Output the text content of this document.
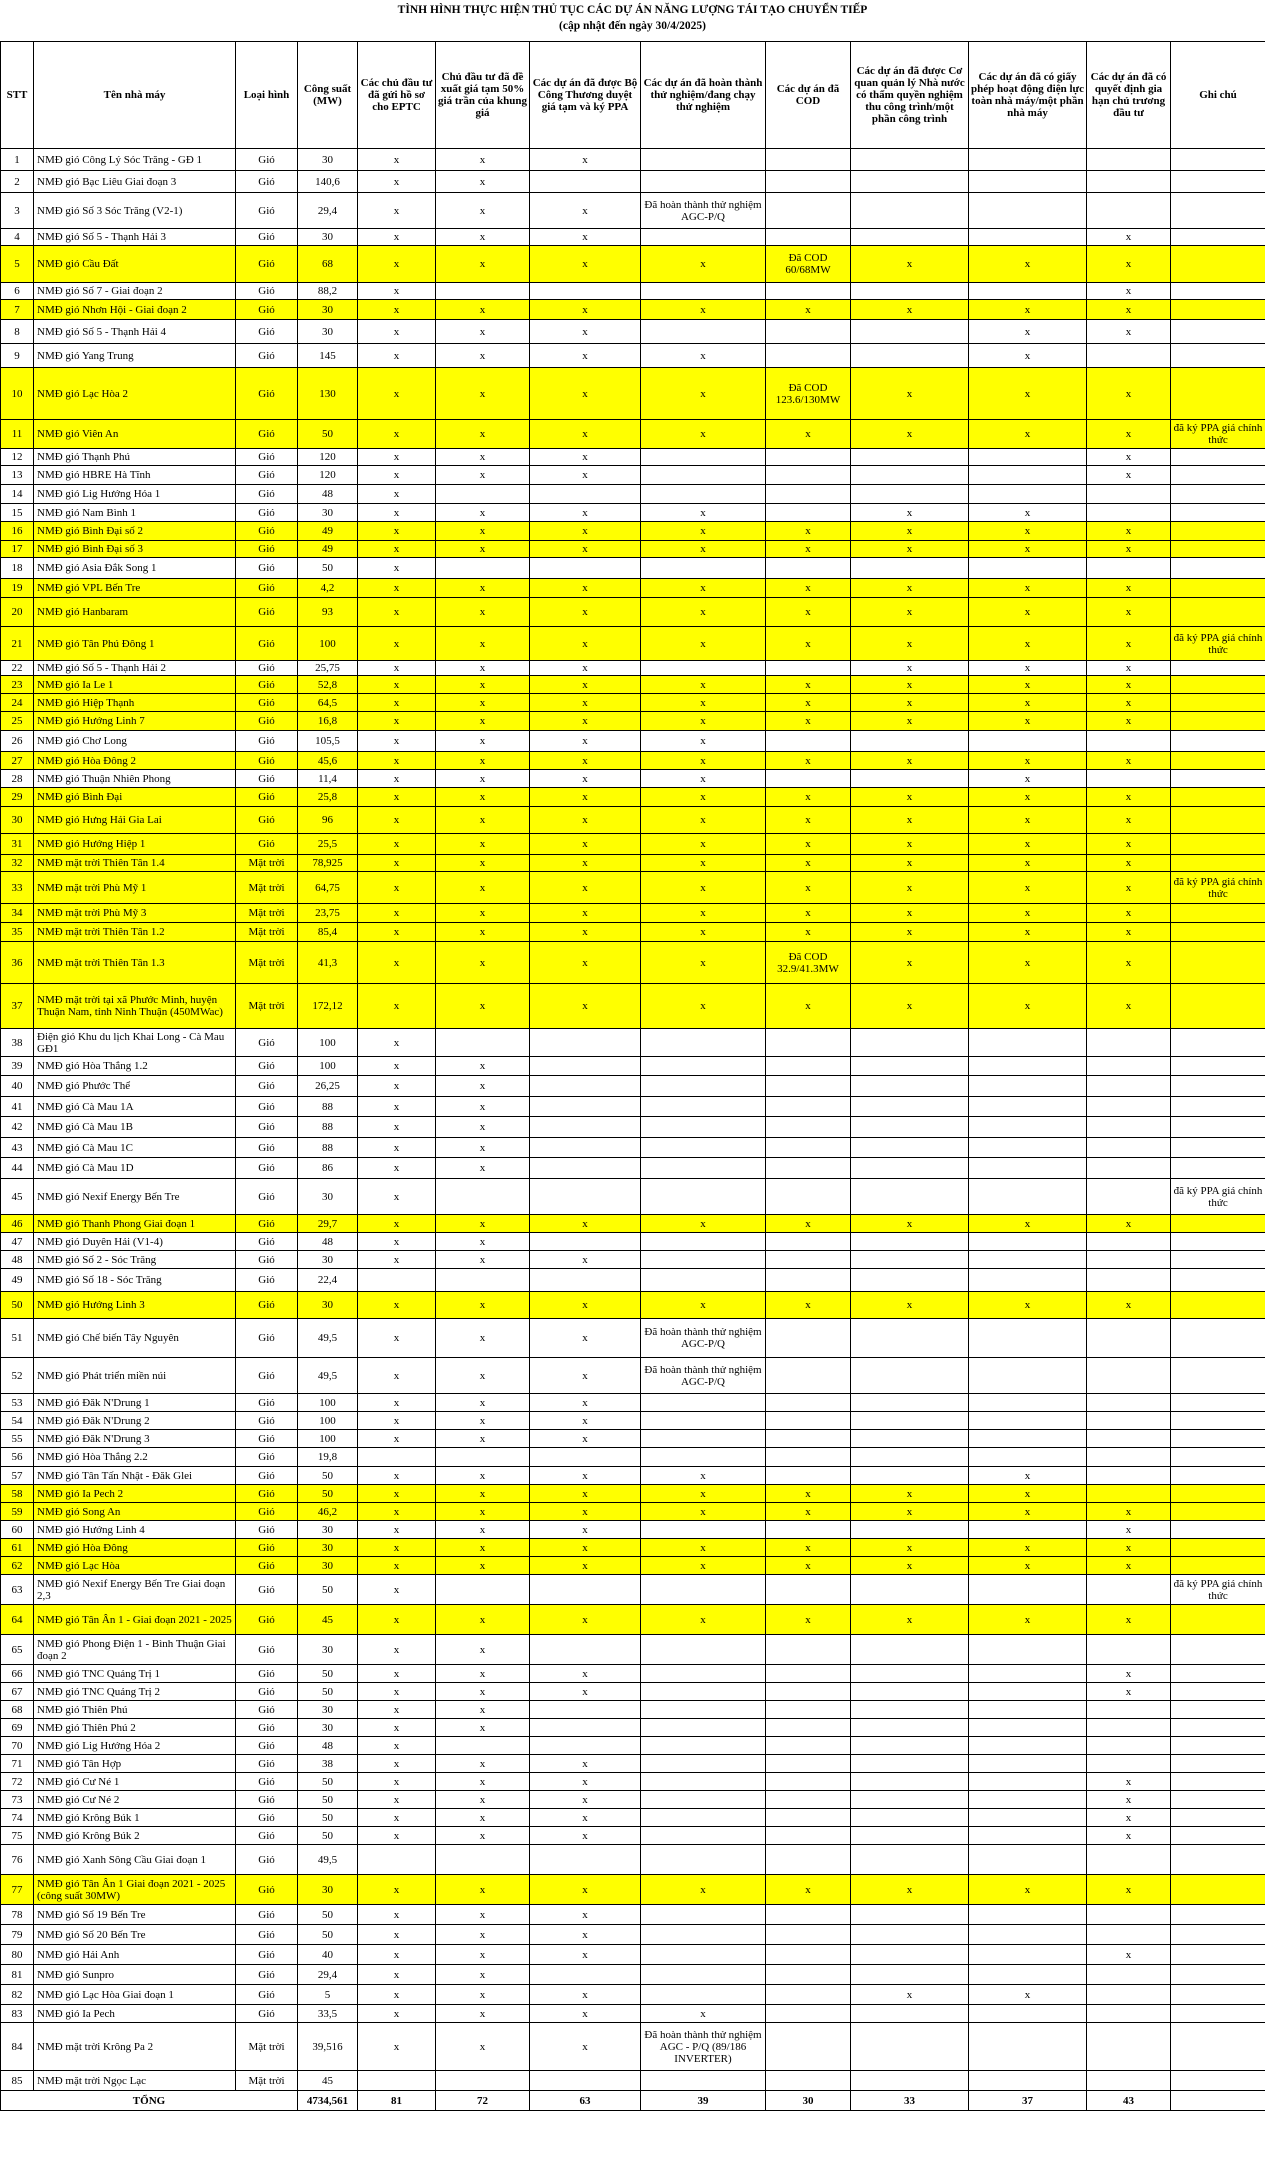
TÌNH HÌNH THỰC HIỆN THỦ TỤC CÁC DỰ ÁN NĂNG LƯỢNG TÁI TẠO CHUYỂN TIẾP
(cập nhật đến ngày 30/4/2025)
STT	Tên nhà máy	Loại hình	Công suất (MW)	Các chủ đầu tư đã gửi hồ sơ cho EPTC	Chủ đầu tư đã đề xuất giá tạm 50% giá trần của khung giá	Các dự án đã được Bộ Công Thương duyệt giá tạm và ký PPA	Các dự án đã hoàn thành thử nghiệm/đang chạy thử nghiệm	Các dự án đã COD	Các dự án đã được Cơ quan quản lý Nhà nước có thẩm quyền nghiệm thu công trình/một phần công trình	Các dự án đã có giấy phép hoạt động điện lực toàn nhà máy/một phần nhà máy	Các dự án đã có quyết định gia hạn chủ trương đầu tư	Ghi chú
1	NMĐ gió Công Lý Sóc Trăng - GĐ 1	Gió	30	x	x	x						
2	NMĐ gió Bạc Liêu Giai đoạn 3	Gió	140,6	x	x							
3	NMĐ gió Số 3 Sóc Trăng (V2-1)	Gió	29,4	x	x	x	Đã hoàn thành thử nghiệm AGC-P/Q					
4	NMĐ gió Số 5 - Thạnh Hải 3	Gió	30	x	x	x					x	
5	NMĐ gió Cầu Đất	Gió	68	x	x	x	x	Đã COD 60/68MW	x	x	x	
6	NMĐ gió Số 7 - Giai đoạn 2	Gió	88,2	x							x	
7	NMĐ gió Nhơn Hội - Giai đoạn 2	Gió	30	x	x	x	x	x	x	x	x	
8	NMĐ gió Số 5 - Thạnh Hải 4	Gió	30	x	x	x				x	x	
9	NMĐ gió Yang Trung	Gió	145	x	x	x	x			x		
10	NMĐ gió Lạc Hòa 2	Gió	130	x	x	x	x	Đã COD 123.6/130MW	x	x	x	
11	NMĐ gió Viên An	Gió	50	x	x	x	x	x	x	x	x	đã ký PPA giá chính thức
12	NMĐ gió Thạnh Phú	Gió	120	x	x	x					x	
13	NMĐ gió HBRE Hà Tĩnh	Gió	120	x	x	x					x	
14	NMĐ gió Lig Hướng Hóa 1	Gió	48	x								
15	NMĐ gió Nam Bình 1	Gió	30	x	x	x	x		x	x		
16	NMĐ gió Bình Đại số 2	Gió	49	x	x	x	x	x	x	x	x	
17	NMĐ gió Bình Đại số 3	Gió	49	x	x	x	x	x	x	x	x	
18	NMĐ gió Asia Đắk Song 1	Gió	50	x								
19	NMĐ gió VPL Bến Tre	Gió	4,2	x	x	x	x	x	x	x	x	
20	NMĐ gió Hanbaram	Gió	93	x	x	x	x	x	x	x	x	
21	NMĐ gió Tân Phú Đông 1	Gió	100	x	x	x	x	x	x	x	x	đã ký PPA giá chính thức
22	NMĐ gió Số 5 - Thạnh Hải 2	Gió	25,75	x	x	x			x	x	x	
23	NMĐ gió Ia Le 1	Gió	52,8	x	x	x	x	x	x	x	x	
24	NMĐ gió Hiệp Thạnh	Gió	64,5	x	x	x	x	x	x	x	x	
25	NMĐ gió Hướng Linh 7	Gió	16,8	x	x	x	x	x	x	x	x	
26	NMĐ gió Chơ Long	Gió	105,5	x	x	x	x					
27	NMĐ gió Hòa Đông 2	Gió	45,6	x	x	x	x	x	x	x	x	
28	NMĐ gió Thuận Nhiên Phong	Gió	11,4	x	x	x	x			x		
29	NMĐ gió Bình Đại	Gió	25,8	x	x	x	x	x	x	x	x	
30	NMĐ gió Hưng Hải Gia Lai	Gió	96	x	x	x	x	x	x	x	x	
31	NMĐ gió Hướng Hiệp 1	Gió	25,5	x	x	x	x	x	x	x	x	
32	NMĐ mặt trời Thiên Tân 1.4	Mặt trời	78,925	x	x	x	x	x	x	x	x	
33	NMĐ mặt trời Phù Mỹ 1	Mặt trời	64,75	x	x	x	x	x	x	x	x	đã ký PPA giá chính thức
34	NMĐ mặt trời Phù Mỹ 3	Mặt trời	23,75	x	x	x	x	x	x	x	x	
35	NMĐ mặt trời Thiên Tân 1.2	Mặt trời	85,4	x	x	x	x	x	x	x	x	
36	NMĐ mặt trời Thiên Tân 1.3	Mặt trời	41,3	x	x	x	x	Đã COD 32.9/41.3MW	x	x	x	
37	NMĐ mặt trời tại xã Phước Minh, huyện Thuận Nam, tỉnh Ninh Thuận (450MWac)	Mặt trời	172,12	x	x	x	x	x	x	x	x	
38	Điện gió Khu du lịch Khai Long - Cà Mau GĐ1	Gió	100	x								
39	NMĐ gió Hòa Thắng 1.2	Gió	100	x	x							
40	NMĐ gió Phước Thể	Gió	26,25	x	x							
41	NMĐ gió Cà Mau 1A	Gió	88	x	x							
42	NMĐ gió Cà Mau 1B	Gió	88	x	x							
43	NMĐ gió Cà Mau 1C	Gió	88	x	x							
44	NMĐ gió Cà Mau 1D	Gió	86	x	x							
45	NMĐ gió Nexif Energy Bến Tre	Gió	30	x								đã ký PPA giá chính thức
46	NMĐ gió Thanh Phong Giai đoạn 1	Gió	29,7	x	x	x	x	x	x	x	x	
47	NMĐ gió Duyên Hải (V1-4)	Gió	48	x	x							
48	NMĐ gió Số 2 - Sóc Trăng	Gió	30	x	x	x						
49	NMĐ gió Số 18 - Sóc Trăng	Gió	22,4									
50	NMĐ gió Hướng Linh 3	Gió	30	x	x	x	x	x	x	x	x	
51	NMĐ gió Chế biến Tây Nguyên	Gió	49,5	x	x	x	Đã hoàn thành thử nghiệm AGC-P/Q					
52	NMĐ gió Phát triển miền núi	Gió	49,5	x	x	x	Đã hoàn thành thử nghiệm AGC-P/Q					
53	NMĐ gió Đăk N'Drung 1	Gió	100	x	x	x						
54	NMĐ gió Đăk N'Drung 2	Gió	100	x	x	x						
55	NMĐ gió Đăk N'Drung 3	Gió	100	x	x	x						
56	NMĐ gió Hòa Thắng 2.2	Gió	19,8									
57	NMĐ gió Tân Tấn Nhật - Đăk Glei	Gió	50	x	x	x	x			x		
58	NMĐ gió Ia Pech 2	Gió	50	x	x	x	x	x	x	x		
59	NMĐ gió Song An	Gió	46,2	x	x	x	x	x	x	x	x	
60	NMĐ gió Hướng Linh 4	Gió	30	x	x	x					x	
61	NMĐ gió Hòa Đông	Gió	30	x	x	x	x	x	x	x	x	
62	NMĐ gió Lạc Hòa	Gió	30	x	x	x	x	x	x	x	x	
63	NMĐ gió Nexif Energy Bến Tre Giai đoạn 2,3	Gió	50	x								đã ký PPA giá chính thức
64	NMĐ gió Tân Ân 1 - Giai đoạn 2021 - 2025	Gió	45	x	x	x	x	x	x	x	x	
65	NMĐ gió Phong Điện 1 - Bình Thuận Giai đoạn 2	Gió	30	x	x							
66	NMĐ gió TNC Quảng Trị 1	Gió	50	x	x	x					x	
67	NMĐ gió TNC Quảng Trị 2	Gió	50	x	x	x					x	
68	NMĐ gió Thiên Phú	Gió	30	x	x							
69	NMĐ gió Thiên Phú 2	Gió	30	x	x							
70	NMĐ gió Lig Hướng Hóa 2	Gió	48	x								
71	NMĐ gió Tân Hợp	Gió	38	x	x	x						
72	NMĐ gió Cư Né 1	Gió	50	x	x	x					x	
73	NMĐ gió Cư Né 2	Gió	50	x	x	x					x	
74	NMĐ gió Krông Búk 1	Gió	50	x	x	x					x	
75	NMĐ gió Krông Búk 2	Gió	50	x	x	x					x	
76	NMĐ gió Xanh Sông Cầu Giai đoạn 1	Gió	49,5									
77	NMĐ gió Tân Ân 1 Giai đoạn 2021 - 2025 (công suất 30MW)	Gió	30	x	x	x	x	x	x	x	x	
78	NMĐ gió Số 19 Bến Tre	Gió	50	x	x	x						
79	NMĐ gió Số 20 Bến Tre	Gió	50	x	x	x						
80	NMĐ gió Hải Anh	Gió	40	x	x	x					x	
81	NMĐ gió Sunpro	Gió	29,4	x	x							
82	NMĐ gió Lạc Hòa Giai đoạn 1	Gió	5	x	x	x			x	x		
83	NMĐ gió Ia Pech	Gió	33,5	x	x	x	x					
84	NMĐ mặt trời Krông Pa 2	Mặt trời	39,516	x	x	x	Đã hoàn thành thử nghiệm AGC - P/Q (89/186 INVERTER)					
85	NMĐ mặt trời Ngọc Lạc	Mặt trời	45									
TỔNG			4734,561	81	72	63	39	30	33	37	43	
